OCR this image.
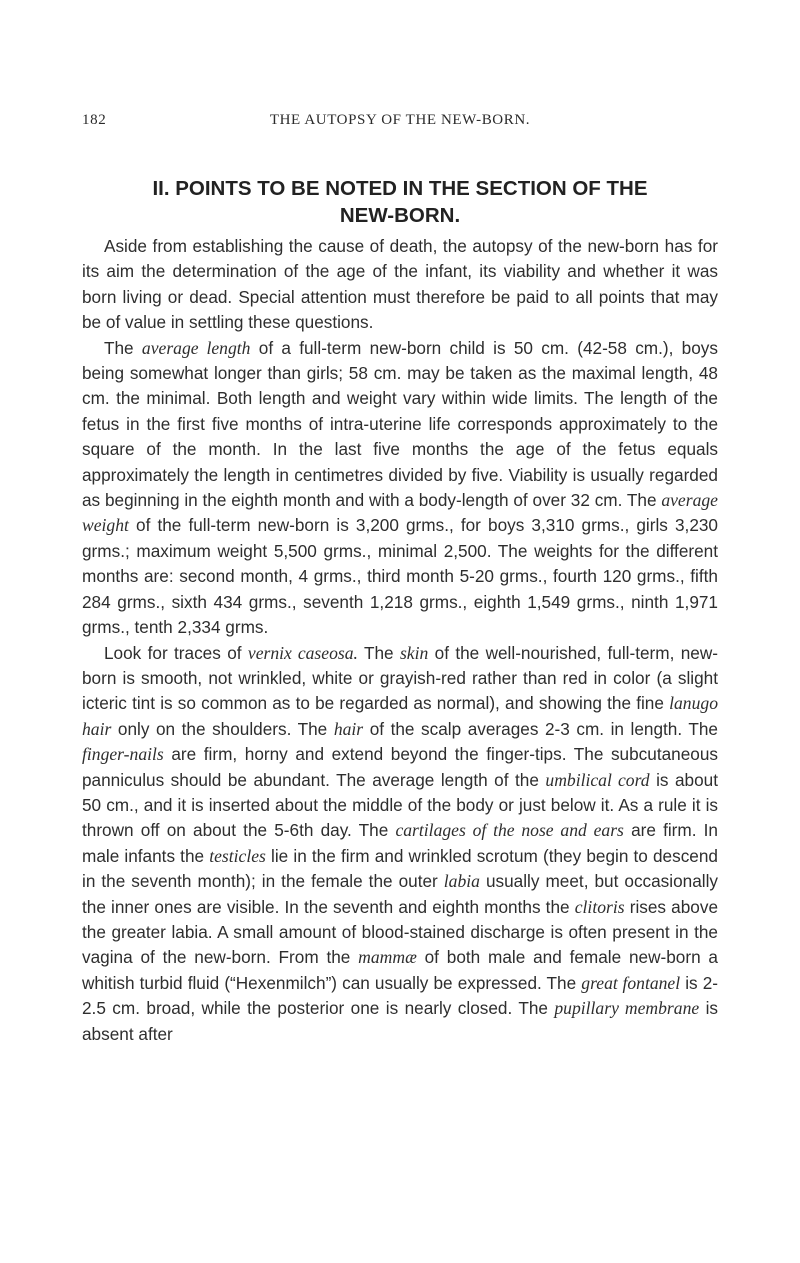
182	THE AUTOPSY OF THE NEW-BORN.
II. POINTS TO BE NOTED IN THE SECTION OF THE
NEW-BORN.

Aside from establishing the cause of death, the autopsy of the new-born has for its aim the determination of the age of the infant, its viability and whether it was born living or dead. Special attention must therefore be paid to all points that may be of value in settling these questions.

The average length of a full-term new-born child is 50 cm. (42-58 cm.), boys being somewhat longer than girls; 58 cm. may be taken as the maximal length, 48 cm. the minimal. Both length and weight vary within wide limits. The length of the fetus in the first five months of intra-uterine life corresponds approximately to the square of the month. In the last five months the age of the fetus equals approximately the length in centimetres divided by five. Viability is usually regarded as beginning in the eighth month and with a body-length of over 32 cm. The average weight of the full-term new-born is 3,200 grms., for boys 3,310 grms., girls 3,230 grms.; maximum weight 5,500 grms., minimal 2,500. The weights for the different months are: second month, 4 grms., third month 5-20 grms., fourth 120 grms., fifth 284 grms., sixth 434 grms., seventh 1,218 grms., eighth 1,549 grms., ninth 1,971 grms., tenth 2,334 grms.

Look for traces of vernix caseosa. The skin of the well-nourished, full-term, new-born is smooth, not wrinkled, white or grayish-red rather than red in color (a slight icteric tint is so common as to be regarded as normal), and showing the fine lanugo hair only on the shoulders. The hair of the scalp averages 2-3 cm. in length. The finger-nails are firm, horny and extend beyond the finger-tips. The subcutaneous panniculus should be abundant. The average length of the umbilical cord is about 50 cm., and it is inserted about the middle of the body or just below it. As a rule it is thrown off on about the 5-6th day. The cartilages of the nose and ears are firm. In male infants the testicles lie in the firm and wrinkled scrotum (they begin to descend in the seventh month); in the female the outer labia usually meet, but occasionally the inner ones are visible. In the seventh and eighth months the clitoris rises above the greater labia. A small amount of blood-stained discharge is often present in the vagina of the new-born. From the mammæ of both male and female new-born a whitish turbid fluid (“Hexenmilch”) can usually be expressed. The great fontanel is 2-2.5 cm. broad, while the posterior one is nearly closed. The pupillary membrane is absent after
